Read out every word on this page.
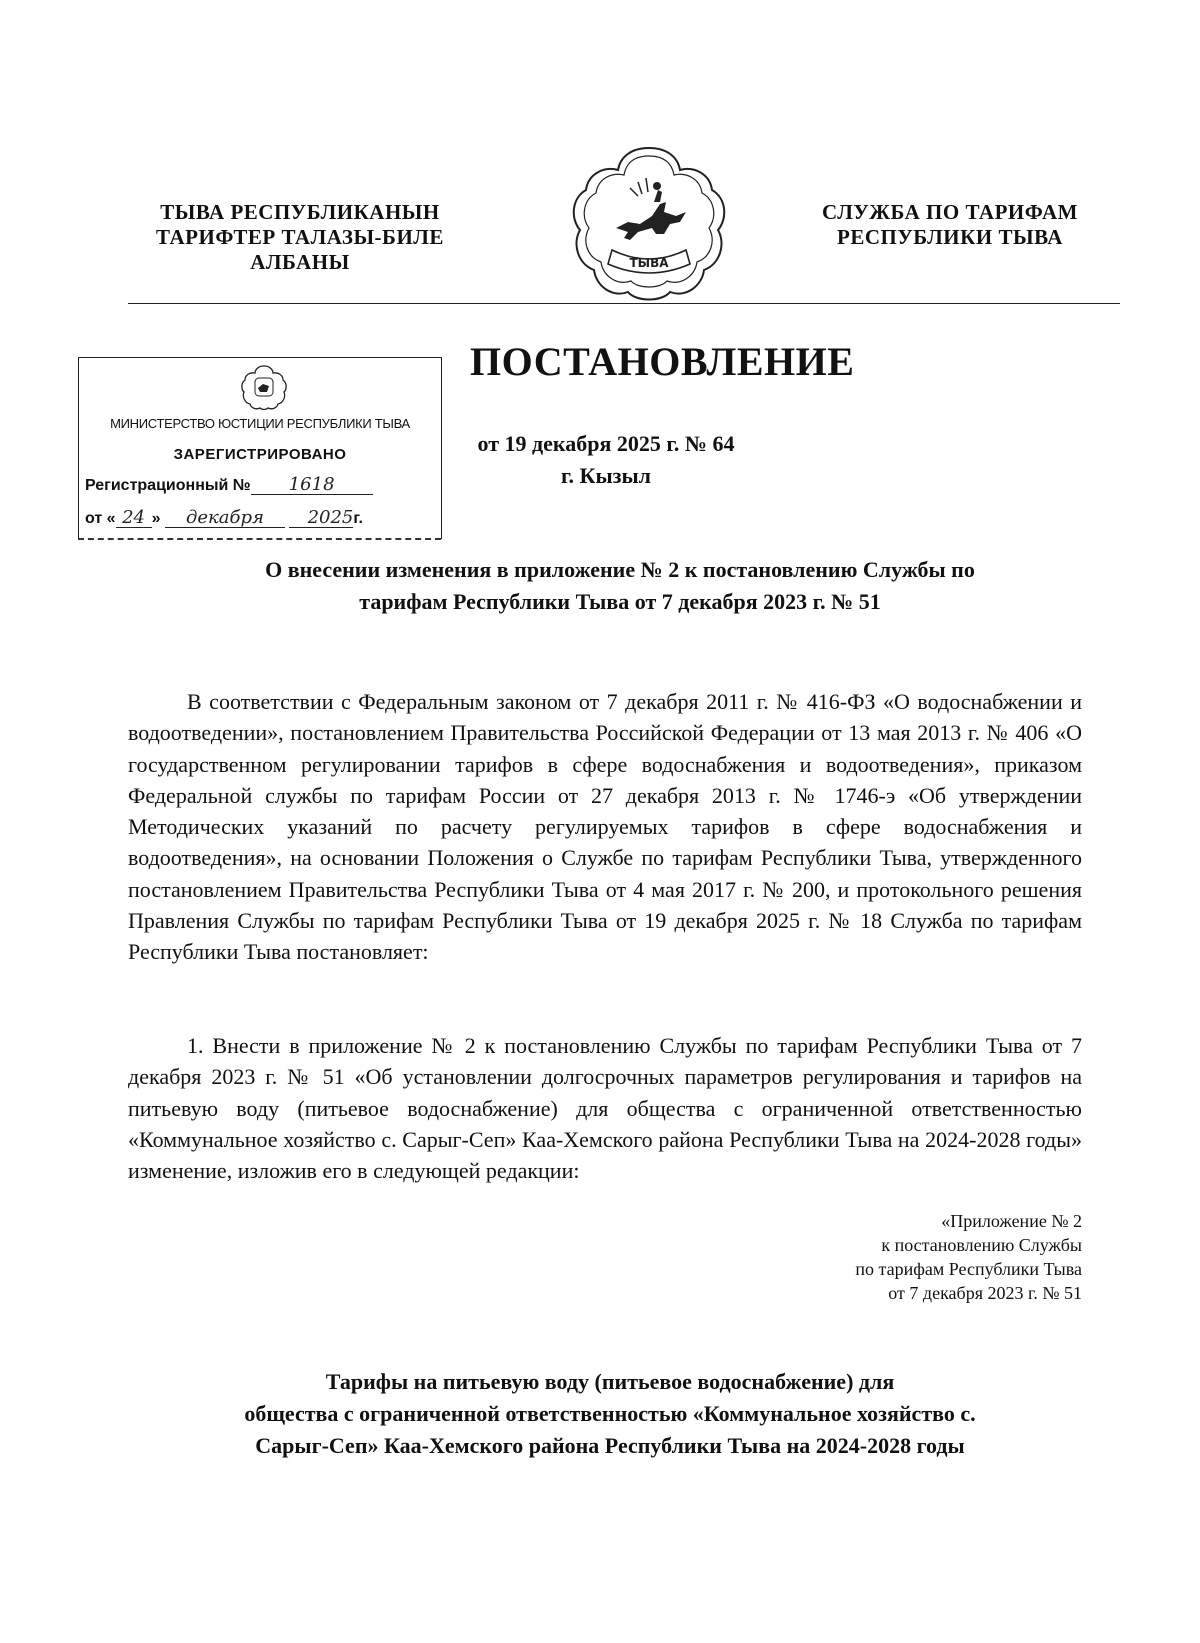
ТЫВА РЕСПУБЛИКАНЫН
ТАРИФТЕР ТАЛАЗЫ-БИЛЕ
АЛБАНЫ	ТЫВА
СЛУЖБА ПО ТАРИФАМ
РЕСПУБЛИКИ ТЫВА
ПОСТАНОВЛЕНИЕ
МИНИСТЕРСТВО ЮСТИЦИИ РЕСПУБЛИКИ ТЫВА
ЗАРЕГИСТРИРОВАНО
Регистрационный № 1618
от « 24 » декабря 2025г.
от 19 декабря 2025 г. № 64
г. Кызыл
О внесении изменения в приложение № 2 к постановлению Службы по
тарифам Республики Тыва от 7 декабря 2023 г. № 51

В соответствии с Федеральным законом от 7 декабря 2011 г. № 416-ФЗ «О водоснабжении и водоотведении», постановлением Правительства Российской Федерации от 13 мая 2013 г. № 406 «О государственном регулировании тарифов в сфере водоснабжения и водоотведения», приказом Федеральной службы по тарифам России от 27 декабря 2013 г. № 1746-э «Об утверждении Методических указаний по расчету регулируемых тарифов в сфере водоснабжения и водоотведения», на основании Положения о Службе по тарифам Республики Тыва, утвержденного постановлением Правительства Республики Тыва от 4 мая 2017 г. № 200, и протокольного решения Правления Службы по тарифам Республики Тыва от 19 декабря 2025 г. № 18 Служба по тарифам Республики Тыва постановляет:

1. Внести в приложение № 2 к постановлению Службы по тарифам Республики Тыва от 7 декабря 2023 г. № 51 «Об установлении долгосрочных параметров регулирования и тарифов на питьевую воду (питьевое водоснабжение) для общества с ограниченной ответственностью «Коммунальное хозяйство с. Сарыг-Сеп» Каа-Хемского района Республики Тыва на 2024-2028 годы» изменение, изложив его в следующей редакции:

«Приложение № 2
к постановлению Службы
по тарифам Республики Тыва
от 7 декабря 2023 г. № 51
Тарифы на питьевую воду (питьевое водоснабжение) для
общества с ограниченной ответственностью «Коммунальное хозяйство с.
Сарыг-Сеп» Каа-Хемского района Республики Тыва на 2024-2028 годы
